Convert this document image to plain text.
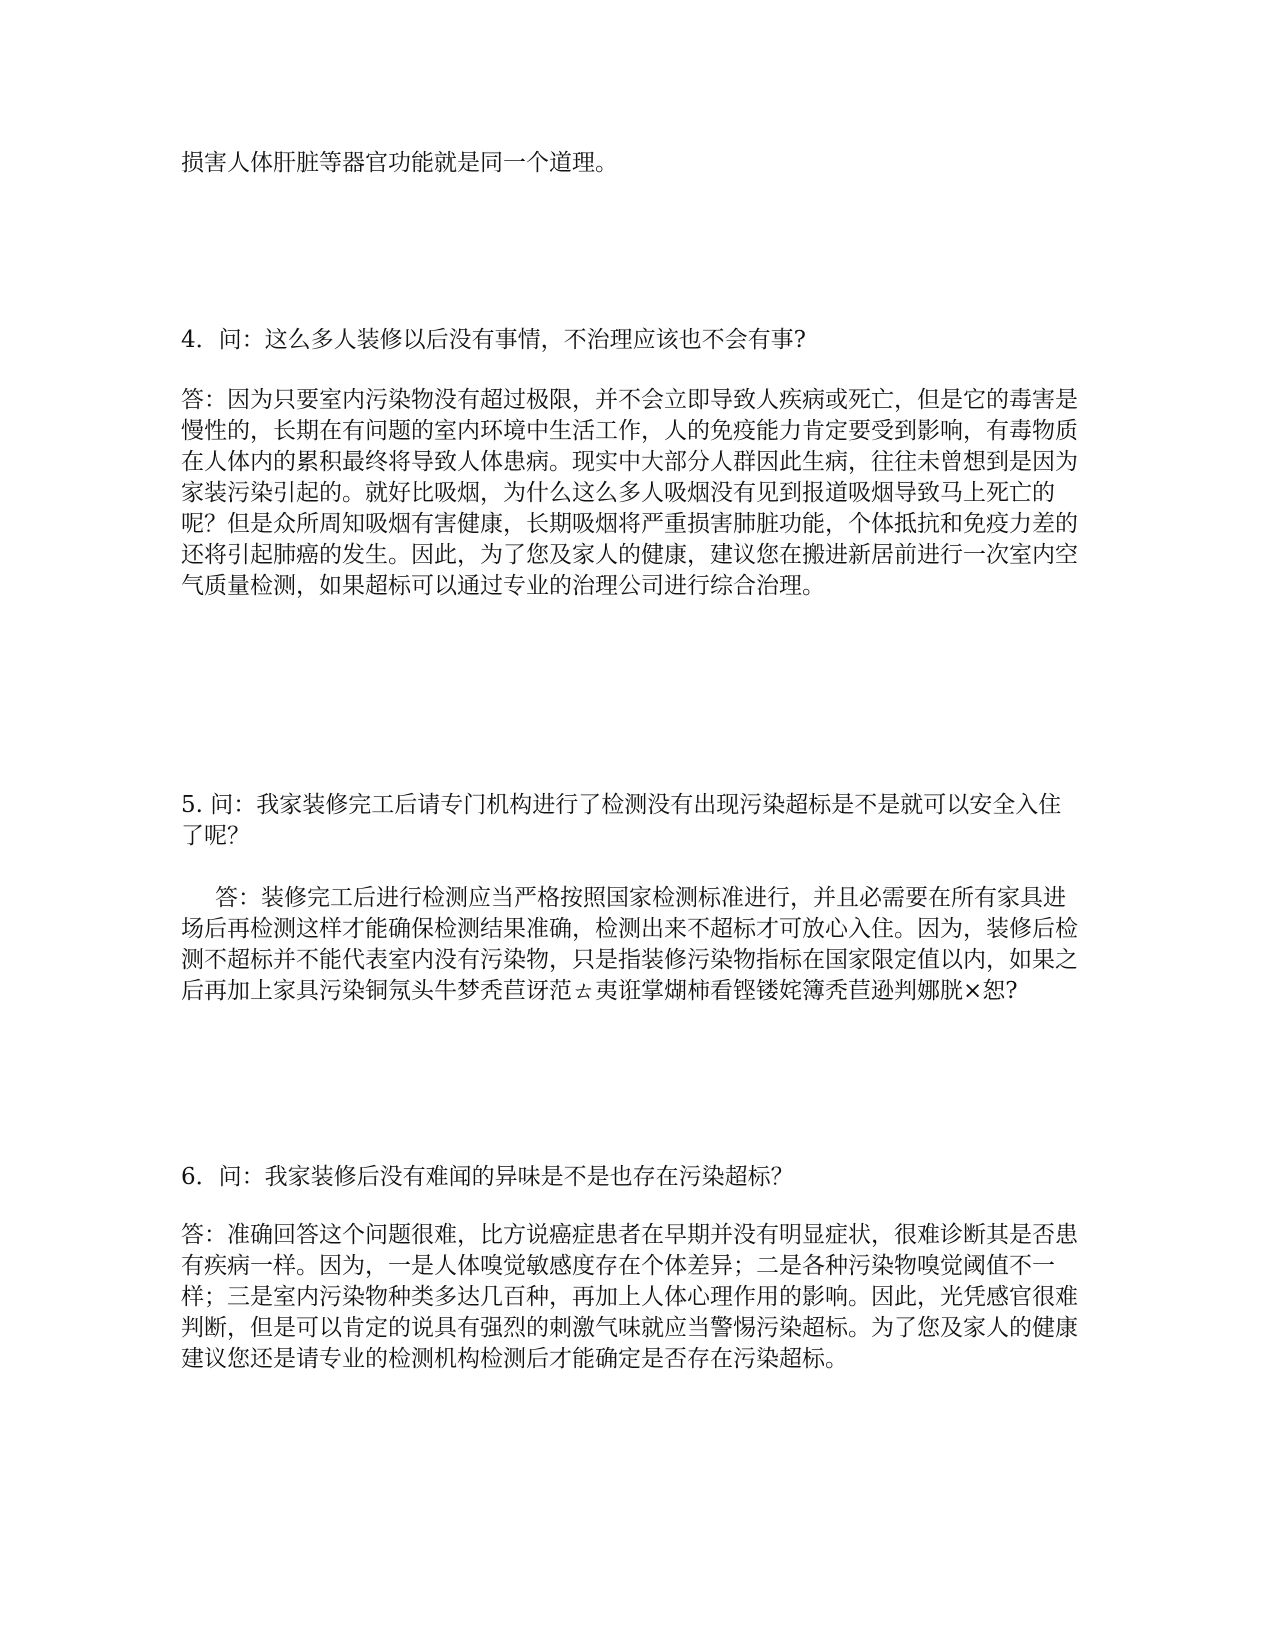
损害人体肝脏等器官功能就是同一个道理。

4．问：这么多人装修以后没有事情，不治理应该也不会有事?

答：因为只要室内污染物没有超过极限，并不会立即导致人疾病或死亡，但是它的毒害是慢性的，长期在有问题的室内环境中生活工作，人的免疫能力肯定要受到影响，有毒物质在人体内的累积最终将导致人体患病。现实中大部分人群因此生病，往往未曾想到是因为家装污染引起的。就好比吸烟，为什么这么多人吸烟没有见到报道吸烟导致马上死亡的呢？但是众所周知吸烟有害健康，长期吸烟将严重损害肺脏功能，个体抵抗和免疫力差的还将引起肺癌的发生。因此，为了您及家人的健康，建议您在搬进新居前进行一次室内空气质量检测，如果超标可以通过专业的治理公司进行综合治理。

5. 问：我家装修完工后请专门机构进行了检测没有出现污染超标是不是就可以安全入住了呢？

答：装修完工后进行检测应当严格按照国家检测标准进行，并且必需要在所有家具进场后再检测这样才能确保检测结果准确，检测出来不超标才可放心入住。因为，装修后检测不超标并不能代表室内没有污染物，只是指装修污染物指标在国家限定值以内，如果之后再加上家具污染铜氖头牛梦秃苣讶范ㄊ夷诳掌煳柿看铿镂姹簿秃苣逊判娜胱×恕?

6．问：我家装修后没有难闻的异味是不是也存在污染超标？

答：准确回答这个问题很难，比方说癌症患者在早期并没有明显症状，很难诊断其是否患有疾病一样。因为，一是人体嗅觉敏感度存在个体差异；二是各种污染物嗅觉阈值不一样；三是室内污染物种类多达几百种，再加上人体心理作用的影响。因此，光凭感官很难判断，但是可以肯定的说具有强烈的刺激气味就应当警惕污染超标。为了您及家人的健康建议您还是请专业的检测机构检测后才能确定是否存在污染超标。
